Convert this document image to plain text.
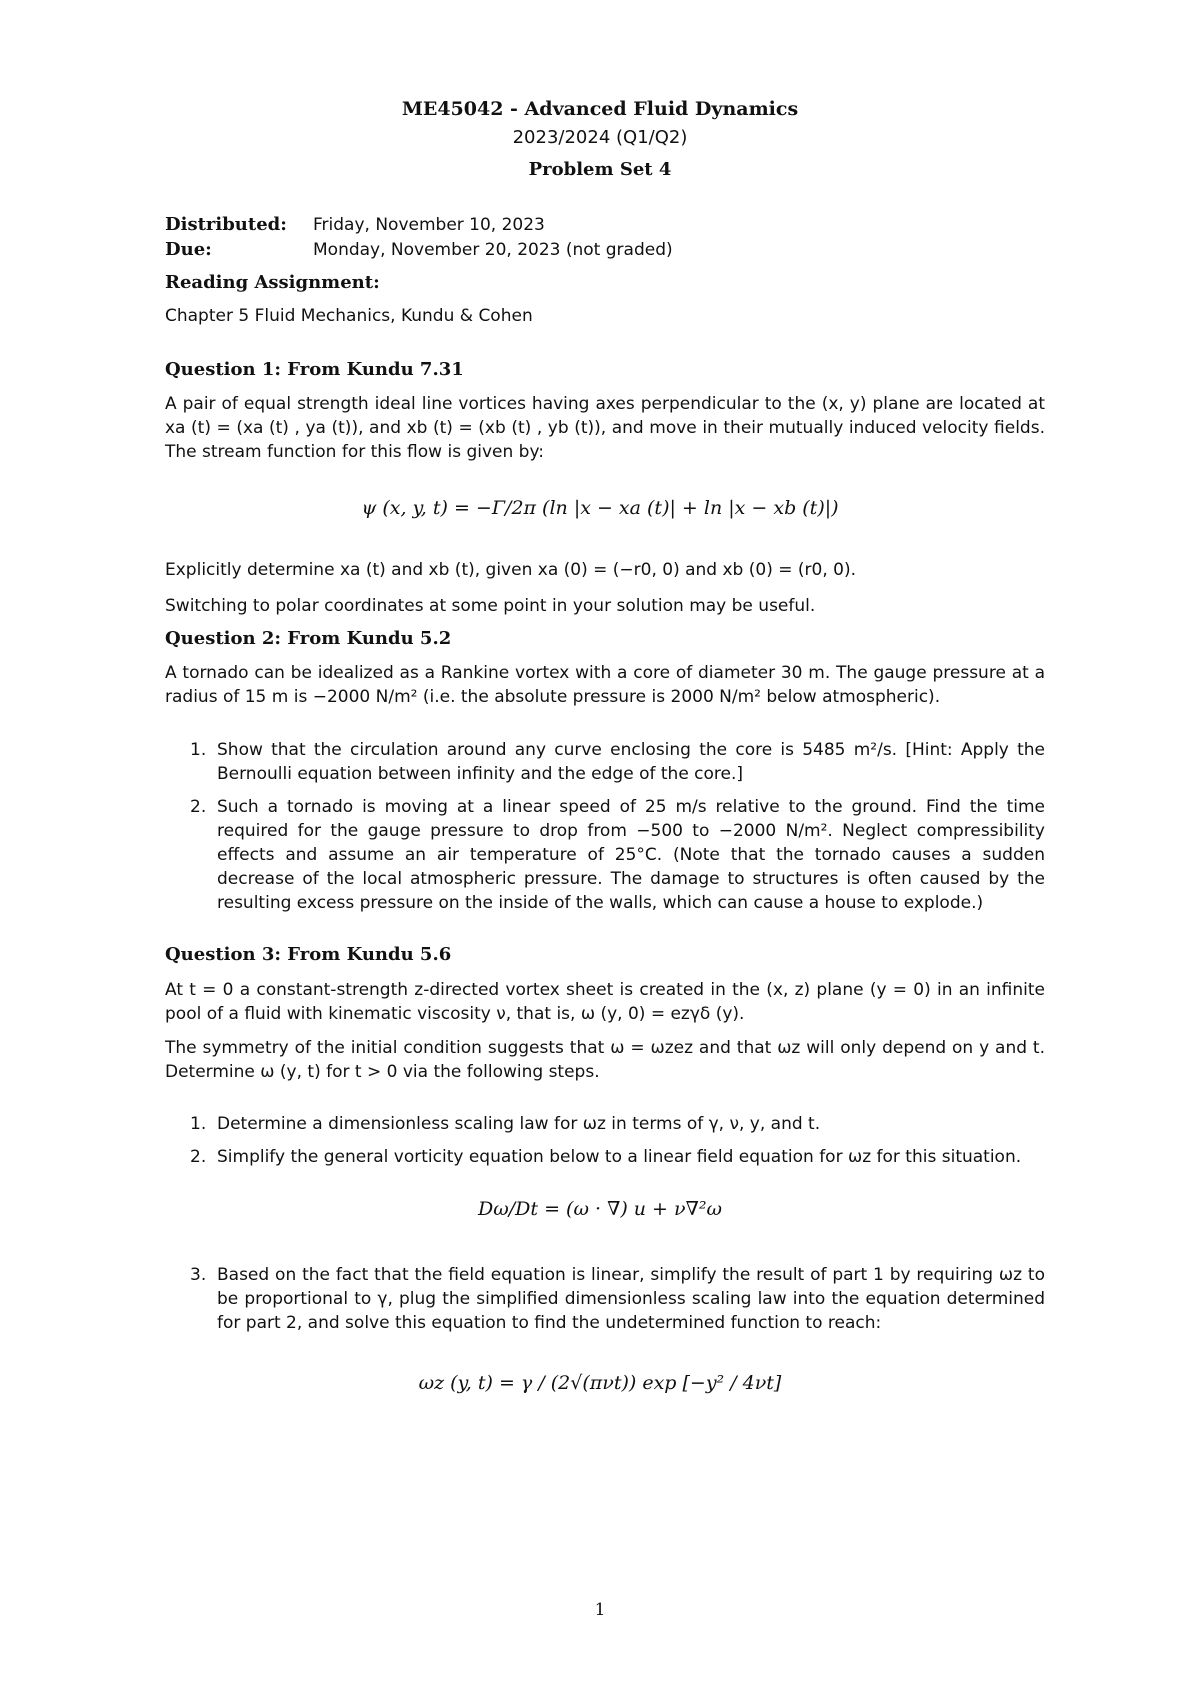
ME45042 - Advanced Fluid Dynamics
2023/2024 (Q1/Q2)
Problem Set 4
Distributed: Friday, November 10, 2023
Due:	Monday, November 20, 2023 (not graded)
Reading Assignment:
Chapter 5 Fluid Mechanics, Kundu & Cohen
Question 1: From Kundu 7.31
A pair of equal strength ideal line vortices having axes perpendicular to the (x, y) plane are located at xa (t) = (xa (t) , ya (t)), and xb (t) = (xb (t) , yb (t)), and move in their mutually induced velocity fields. The stream function for this flow is given by:
ψ (x, y, t) = −Γ/2π (ln |x − xa (t)| + ln |x − xb (t)|)
Explicitly determine xa (t) and xb (t), given xa (0) = (−r0, 0) and xb (0) = (r0, 0).
Switching to polar coordinates at some point in your solution may be useful.
Question 2: From Kundu 5.2
A tornado can be idealized as a Rankine vortex with a core of diameter 30 m. The gauge pressure at a radius of 15 m is −2000 N/m² (i.e. the absolute pressure is 2000 N/m² below atmospheric).
1. Show that the circulation around any curve enclosing the core is 5485 m²/s. [Hint: Apply the Bernoulli equation between infinity and the edge of the core.]
2. Such a tornado is moving at a linear speed of 25 m/s relative to the ground. Find the time required for the gauge pressure to drop from −500 to −2000 N/m². Neglect compressibility effects and assume an air temperature of 25°C. (Note that the tornado causes a sudden decrease of the local atmospheric pressure. The damage to structures is often caused by the resulting excess pressure on the inside of the walls, which can cause a house to explode.)
Question 3: From Kundu 5.6
At t = 0 a constant-strength z-directed vortex sheet is created in the (x, z) plane (y = 0) in an infinite pool of a fluid with kinematic viscosity ν, that is, ω (y, 0) = ezγδ (y).
The symmetry of the initial condition suggests that ω = ωzez and that ωz will only depend on y and t. Determine ω (y, t) for t > 0 via the following steps.
1. Determine a dimensionless scaling law for ωz in terms of γ, ν, y, and t.
2. Simplify the general vorticity equation below to a linear field equation for ωz for this situation.
Dω/Dt = (ω · ∇) u + ν∇²ω
3. Based on the fact that the field equation is linear, simplify the result of part 1 by requiring ωz to be proportional to γ, plug the simplified dimensionless scaling law into the equation determined for part 2, and solve this equation to find the undetermined function to reach:
ωz (y, t) = γ / (2√(πνt)) exp [−y² / 4νt]
1
